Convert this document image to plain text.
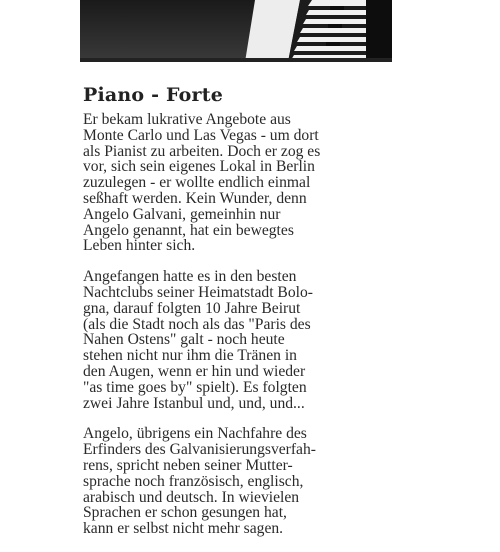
Piano - Forte

Er bekam lukrative Angebote aus
Monte Carlo und Las Vegas - um dort
als Pianist zu arbeiten. Doch er zog es
vor, sich sein eigenes Lokal in Berlin
zuzulegen - er wollte endlich einmal
seßhaft werden. Kein Wunder, denn
Angelo Galvani, gemeinhin nur
Angelo genannt, hat ein bewegtes
Leben hinter sich.

Angefangen hatte es in den besten
Nachtclubs seiner Heimatstadt Bolo-
gna, darauf folgten 10 Jahre Beirut
(als die Stadt noch als das "Paris des
Nahen Ostens" galt - noch heute
stehen nicht nur ihm die Tränen in
den Augen, wenn er hin und wieder
"as time goes by" spielt). Es folgten
zwei Jahre Istanbul und, und, und...

Angelo, übrigens ein Nachfahre des
Erfinders des Galvanisierungsverfah-
rens, spricht neben seiner Mutter-
sprache noch französisch, englisch,
arabisch und deutsch. In wievielen
Sprachen er schon gesungen hat,
kann er selbst nicht mehr sagen.
